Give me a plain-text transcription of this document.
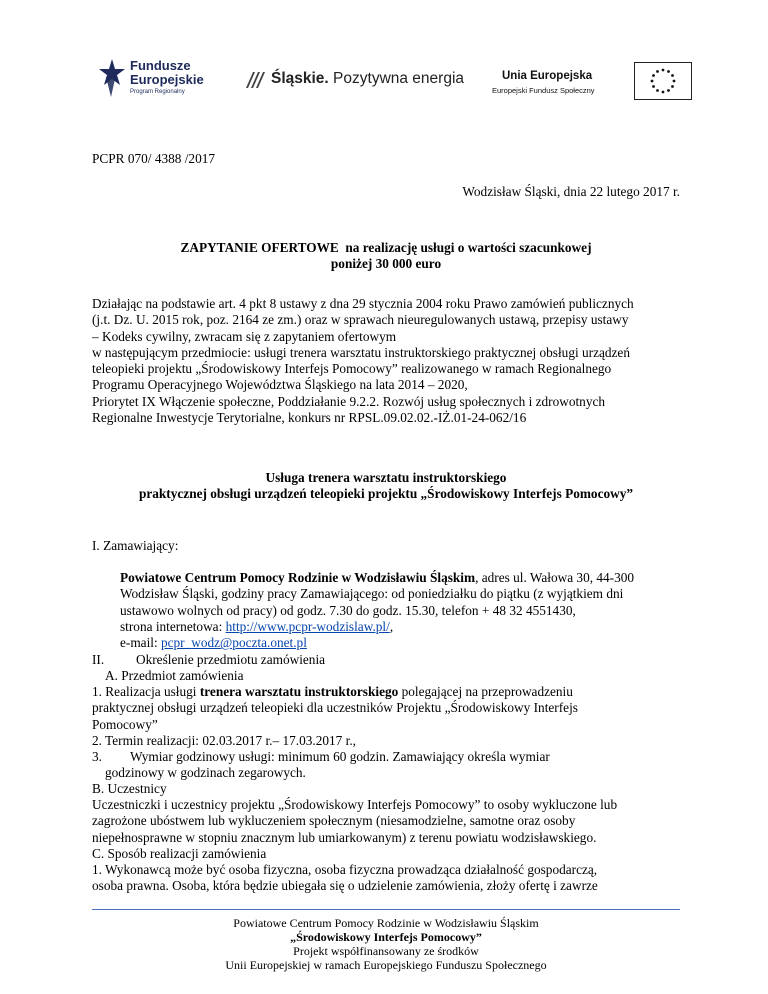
Fundusze
Europejskie
Program Regionalny
Śląskie. Pozytywna energia	Unia Europejska
Europejski Fundusz Społeczny
PCPR 070/ 4388 /2017
Wodzisław Śląski, dnia 22 lutego 2017 r.
ZAPYTANIE OFERTOWE na realizację usługi o wartości szacunkowej
poniżej 30 000 euro
Działając na podstawie art. 4 pkt 8 ustawy z dna 29 stycznia 2004 roku Prawo zamówień publicznych
(j.t. Dz. U. 2015 rok, poz. 2164 ze zm.) oraz w sprawach nieuregulowanych ustawą, przepisy ustawy
– Kodeks cywilny, zwracam się z zapytaniem ofertowym
w następującym przedmiocie: usługi trenera warsztatu instruktorskiego praktycznej obsługi urządzeń
teleopieki projektu „Środowiskowy Interfejs Pomocowy” realizowanego w ramach Regionalnego
Programu Operacyjnego Województwa Śląskiego na lata 2014 – 2020,
Priorytet IX Włączenie społeczne, Poddziałanie 9.2.2. Rozwój usług społecznych i zdrowotnych
Regionalne Inwestycje Terytorialne, konkurs nr RPSL.09.02.02.-IŻ.01-24-062/16
Usługa trenera warsztatu instruktorskiego
praktycznej obsługi urządzeń teleopieki projektu „Środowiskowy Interfejs Pomocowy”
I. Zamawiający:
Powiatowe Centrum Pomocy Rodzinie w Wodzisławiu Śląskim, adres ul. Wałowa 30, 44-300
Wodzisław Śląski, godziny pracy Zamawiającego: od poniedziałku do piątku (z wyjątkiem dni
ustawowo wolnych od pracy) od godz. 7.30 do godz. 15.30, telefon + 48 32 4551430,
strona internetowa: http://www.pcpr-wodzislaw.pl/,
e-mail: pcpr_wodz@poczta.onet.pl
II. Określenie przedmiotu zamówienia
A. Przedmiot zamówienia
1. Realizacja usługi trenera warsztatu instruktorskiego polegającej na przeprowadzeniu
praktycznej obsługi urządzeń teleopieki dla uczestników Projektu „Środowiskowy Interfejs
Pomocowy”
2. Termin realizacji: 02.03.2017 r.– 17.03.2017 r.,
3. Wymiar godzinowy usługi: minimum 60 godzin. Zamawiający określa wymiar
godzinowy w godzinach zegarowych.
B. Uczestnicy
Uczestniczki i uczestnicy projektu „Środowiskowy Interfejs Pomocowy” to osoby wykluczone lub
zagrożone ubóstwem lub wykluczeniem społecznym (niesamodzielne, samotne oraz osoby
niepełnosprawne w stopniu znacznym lub umiarkowanym) z terenu powiatu wodzisławskiego.
C. Sposób realizacji zamówienia
1. Wykonawcą może być osoba fizyczna, osoba fizyczna prowadząca działalność gospodarczą,
osoba prawna. Osoba, która będzie ubiegała się o udzielenie zamówienia, złoży ofertę i zawrze
Powiatowe Centrum Pomocy Rodzinie w Wodzisławiu Śląskim
„Środowiskowy Interfejs Pomocowy”
Projekt współfinansowany ze środków
Unii Europejskiej w ramach Europejskiego Funduszu Społecznego
